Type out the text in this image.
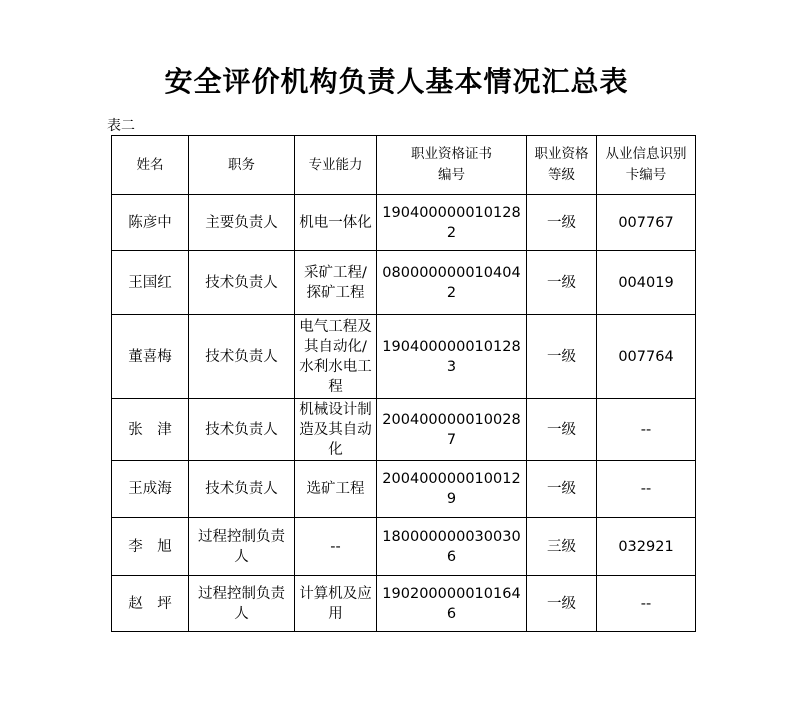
安全评价机构负责人基本情况汇总表
表二
姓名	职务	专业能力	职业资格证书编号	职业资格等级	从业信息识别卡编号

陈彦中	主要负责人	机电一体化	1904000000101282	一级	007767

王国红	技术负责人	采矿工程/探矿工程	0800000000104042	一级	004019

董喜梅	技术负责人	电气工程及其自动化/水利水电工程	1904000000101283	一级	007764

张　津	技术负责人	机械设计制造及其自动化	2004000000100287	一级	--

王成海	技术负责人	选矿工程	2004000000100129	一级	--

李　旭	过程控制负责人	--	1800000000300306	三级	032921

赵　坪	过程控制负责人	计算机及应用	1902000000101646	一级	--
